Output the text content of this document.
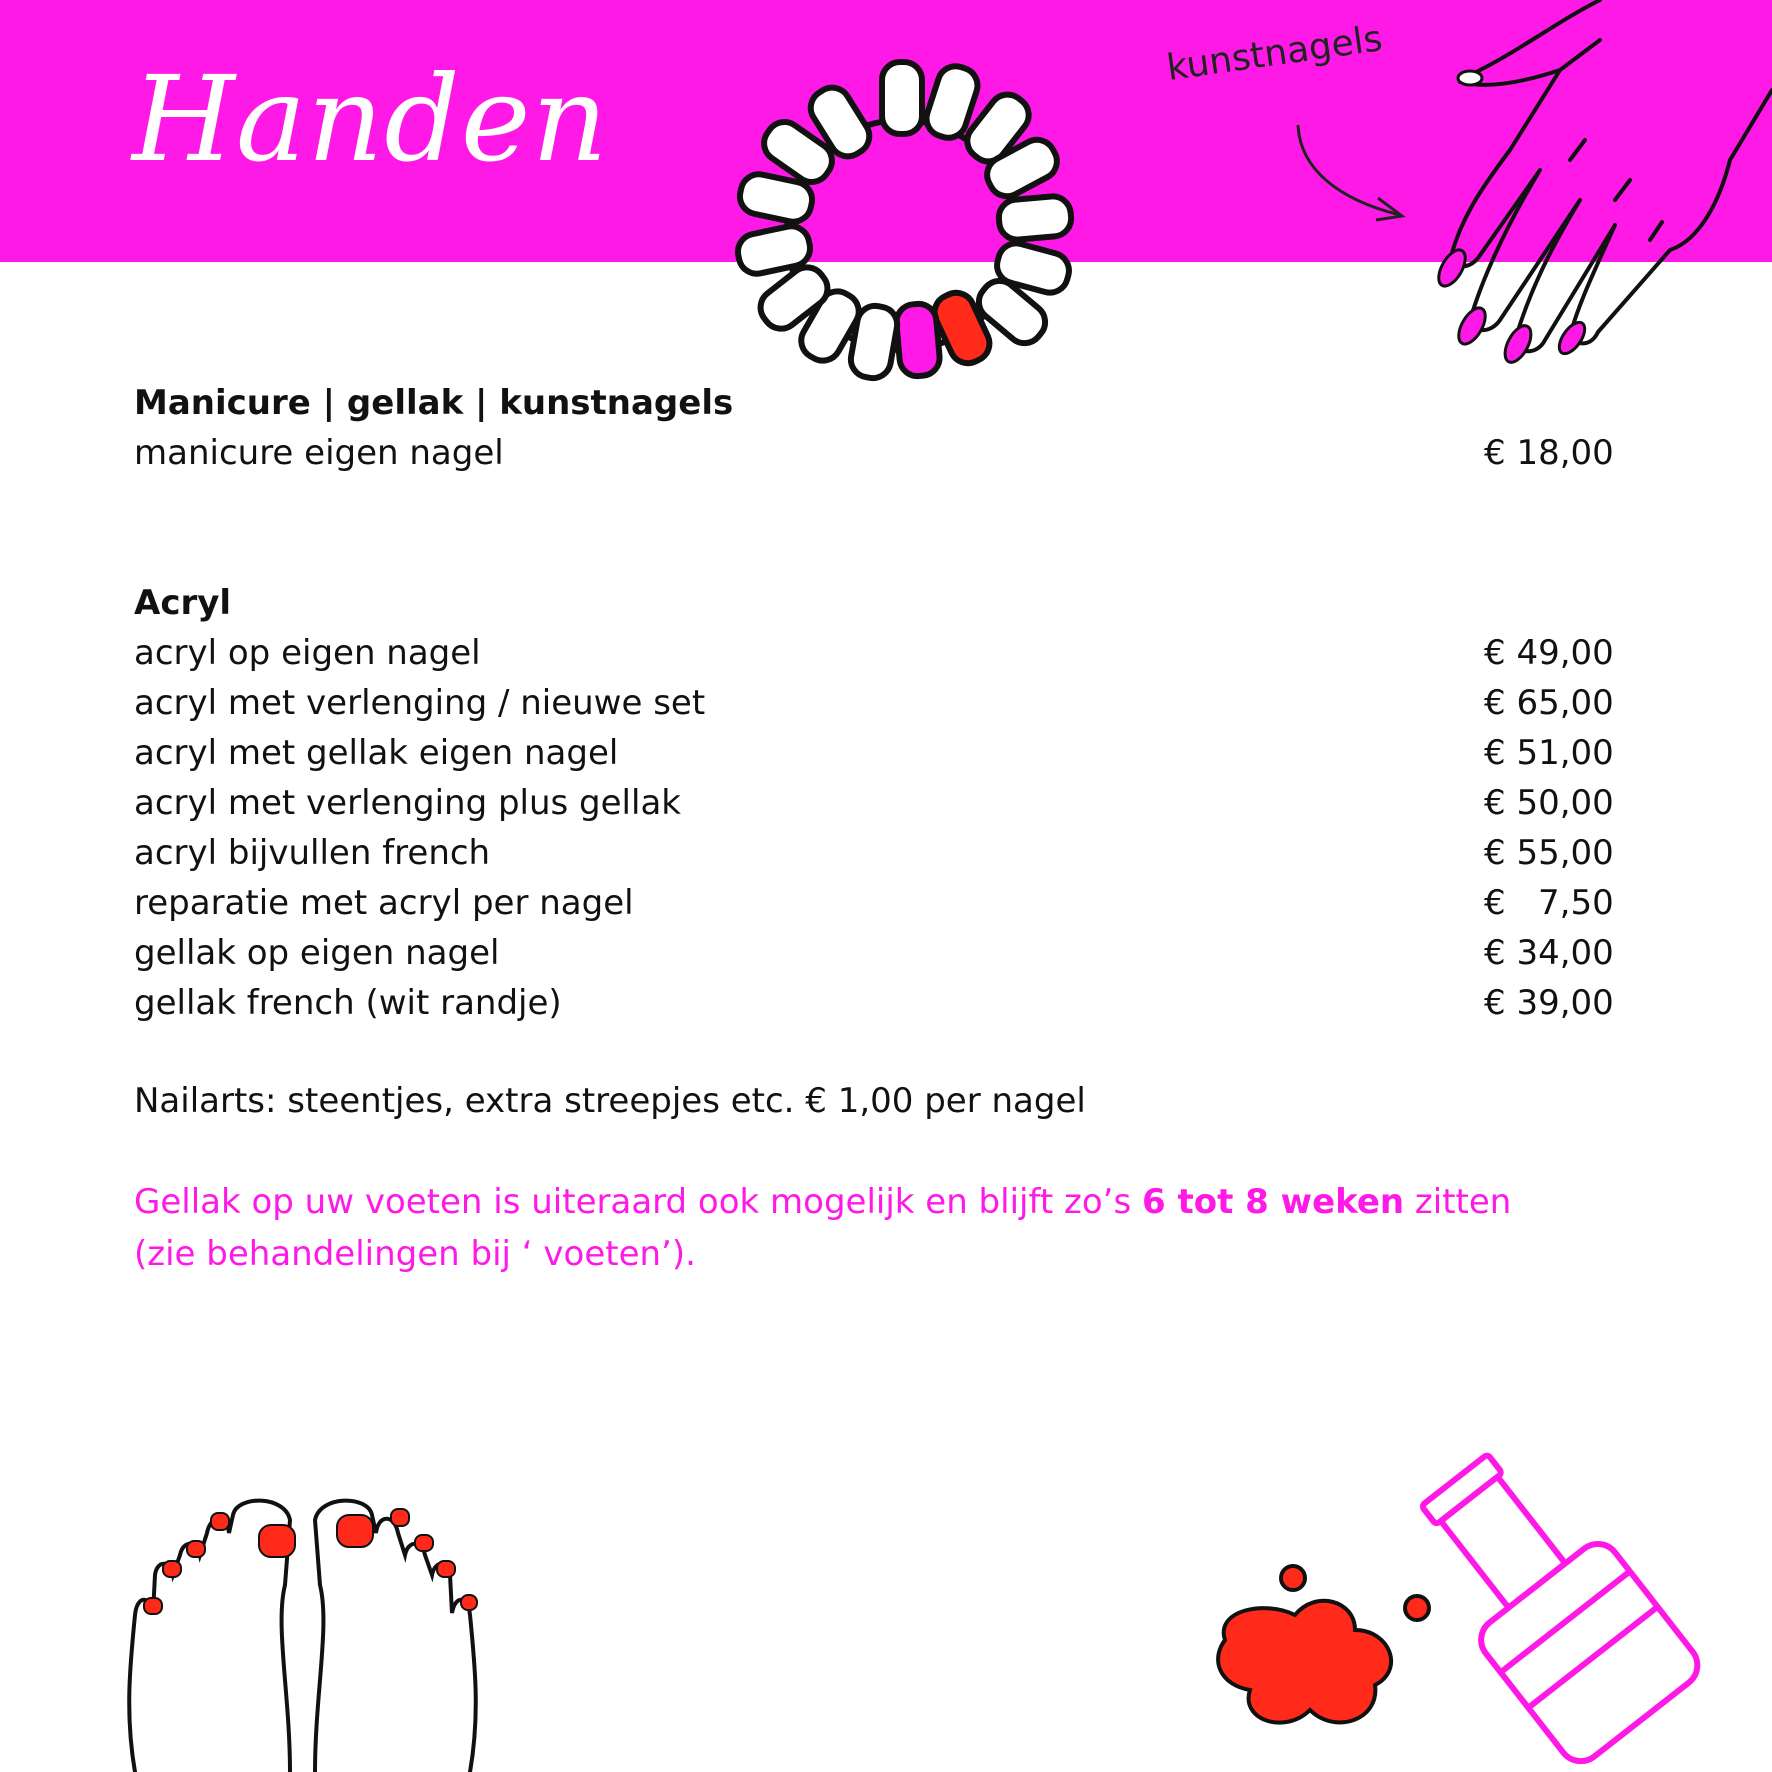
Handen	kunstnagels
Manicure | gellak | kunstnagels
manicure eigen nagel	€ 18,00
Acryl
acryl op eigen nagel	€ 49,00
acryl met verlenging / nieuwe set	€ 65,00
acryl met gellak eigen nagel	€ 51,00
acryl met verlenging plus gellak	€ 50,00
acryl bijvullen french	€ 55,00
reparatie met acryl per nagel	€   7,50
gellak op eigen nagel	€ 34,00
gellak french (wit randje)	€ 39,00
Nailarts: steentjes, extra streepjes etc. € 1,00 per nagel
Gellak op uw voeten is uiteraard ook mogelijk en blijft zo’s 6 tot 8 weken zitten
(zie behandelingen bij ‘ voeten’).
